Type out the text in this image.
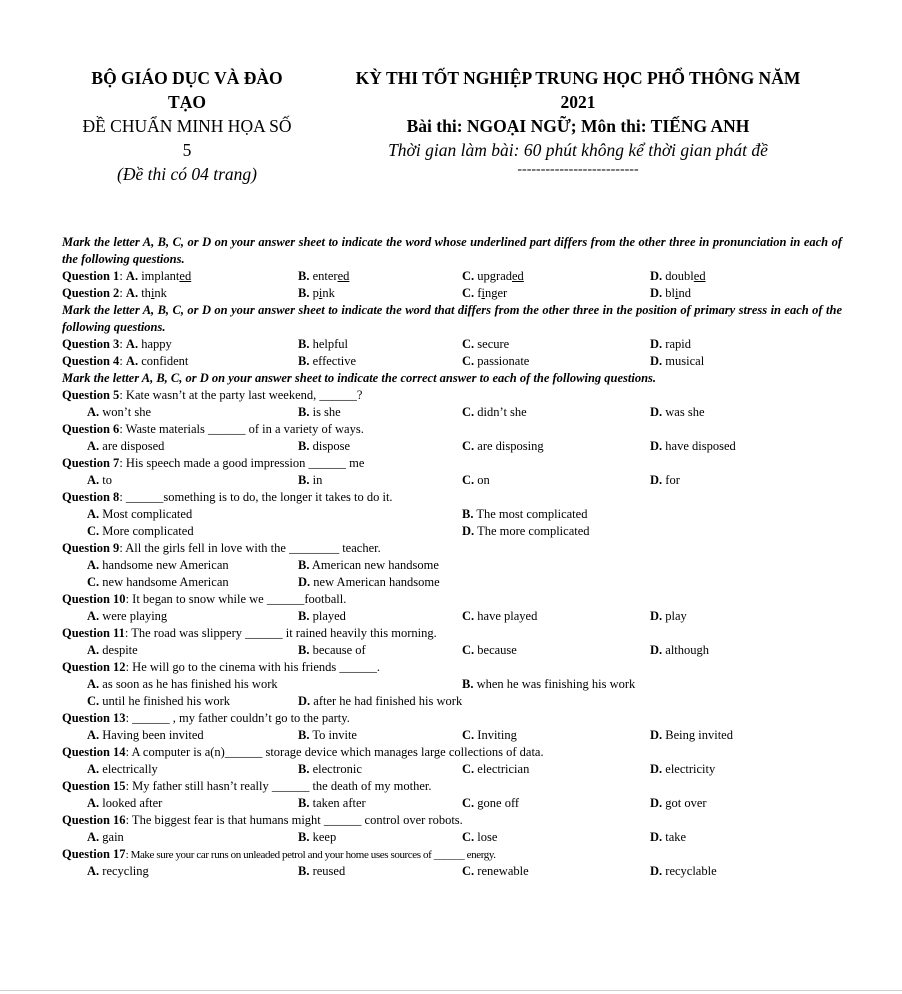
BỘ GIÁO DỤC VÀ ĐÀO
TẠO
ĐỀ CHUẨN MINH HỌA SỐ
5
(Đề thi có 04 trang)
KỲ THI TỐT NGHIỆP TRUNG HỌC PHỔ THÔNG NĂM
2021
Bài thi: NGOẠI NGỮ; Môn thi: TIẾNG ANH
Thời gian làm bài: 60 phút không kể thời gian phát đề
--------------------------
Mark the letter A, B, C, or D on your answer sheet to indicate the word whose underlined part differs from the other three in pronunciation in each of the following questions.
Question 1: A. implanted	B. entered	C. upgraded	D. doubled
Question 2: A. think	B. pink	C. finger	D. blind
Mark the letter A, B, C, or D on your answer sheet to indicate the word that differs from the other three in the position of primary stress in each of the following questions.
Question 3: A. happy	B. helpful	C. secure	D. rapid
Question 4: A. confident	B. effective	C. passionate	D. musical
Mark the letter A, B, C, or D on your answer sheet to indicate the correct answer to each of the following questions.
Question 5: Kate wasn’t at the party last weekend, ______?
A. won’t she	B. is she	C. didn’t she	D. was she
Question 6: Waste materials ______ of in a variety of ways.
A. are disposed	B. dispose	C. are disposing	D. have disposed
Question 7: His speech made a good impression ______ me
A. to	B. in	C. on	D. for
Question 8: ______something is to do, the longer it takes to do it.
A. Most complicated	B. The most complicated
C. More complicated	D. The more complicated
Question 9: All the girls fell in love with the ________ teacher.
A. handsome new American	B. American new handsome
C. new handsome American	D. new American handsome
Question 10: It began to snow while we ______football.
A. were playing	B. played	C. have played	D. play
Question 11: The road was slippery ______ it rained heavily this morning.
A. despite	B. because of	C. because	D. although
Question 12: He will go to the cinema with his friends ______.
A. as soon as he has finished his work	B. when he was finishing his work
C. until he finished his work	D. after he had finished his work
Question 13: ______ , my father couldn’t go to the party.
A. Having been invited	B. To invite	C. Inviting	D. Being invited
Question 14: A computer is a(n)______ storage device which manages large collections of data.
A. electrically	B. electronic	C. electrician	D. electricity
Question 15: My father still hasn’t really ______ the death of my mother.
A. looked after	B. taken after	C. gone off	D. got over
Question 16: The biggest fear is that humans might ______ control over robots.
A. gain	B. keep	C. lose	D. take
Question 17: Make sure your car runs on unleaded petrol and your home uses sources of ______ energy.
A. recycling	B. reused	C. renewable	D. recyclable
